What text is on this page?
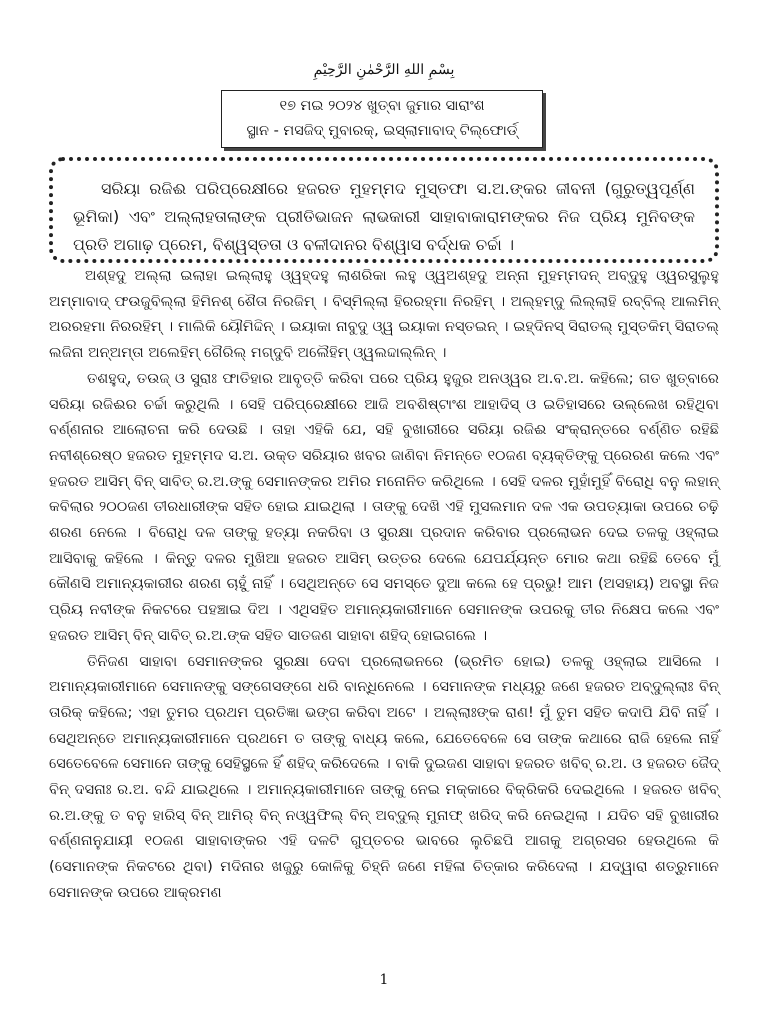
بِسْمِ اللهِ الرَّحْمٰنِ الرَّحِيْمِ
୧୭ ମଇ ୨୦୨୪ ଖୁତ୍‌ବା ଜୁମାର ସାରାଂଶ
ସ୍ଥାନ - ମସଜିଦ୍ ମୁବାରକ୍, ଇସ୍‌ଲାମାବାଦ୍ ଟିଲ୍‌ଫୋର୍ଡ୍
ସରିୟା ରଜିଈ ପରିପ୍ରେକ୍ଷୀରେ ହଜରତ ମୁହମ୍ମଦ ମୁସ୍ତଫା ସ.ଅ.ଙ୍କର ଜୀବନୀ (ଗୁରୁତ୍ୱପୂର୍ଣ୍ଣ ଭୂମିକା) ଏବଂ ଅଲ୍ଲାହତାଲାଙ୍କ ପ୍ରୀତିଭାଜନ ଲାଭକାରୀ ସାହାବାକାରାମଙ୍କର ନିଜ ପ୍ରିୟ ମୁନିବଙ୍କ ପ୍ରତି ଅଗାଢ଼ ପ୍ରେମ, ବିଶ୍ୱସ୍ତତା ଓ ବଳୀଦାନର ବିଶ୍ୱାସ ବର୍ଦ୍ଧକ ଚର୍ଚ୍ଚା ।

ଅଶ୍‌ହଦୁ ଅଲ୍ଲା ଇଲାହା ଇଲ୍ଲାହୁ ଓ୍ୱହ୍‌ଦହୁ ଲାଶରିକା ଲହୁ ଓ୍ୱଅଶ୍‌ହଦୁ ଅନ୍ନା ମୁହମ୍ମଦନ୍ ଅବ୍‌ଦୁହୁ ଓ୍ୱରସୁଲୁହୁ ଅମ୍ମାବାଦ୍ ଫଉଜୁବିଲ୍ଲା ହିମିନଶ୍ ଶୈତା ନିରଜିମ୍ । ବିସ୍‌ମିଲ୍ଲା ହିରରହ୍‌ମା ନିରହିମ୍ । ଅଲ୍‌ହମ୍‌ଦୁ ଲିଲ୍ଲାହି ରବ୍ବିଲ୍ ଆଲମିନ୍ ଅରରହମା ନିରରହିମ୍ । ମାଲିକି ୟୌମିଦ୍ଦିନ୍ । ଇୟାକା ନାବୁଦୁ ଓ୍ୱ ଇୟାକା ନସ୍ତଇନ୍ । ଇହ୍‌ଦିନସ୍ ସିରାତଲ୍ ମୁସ୍ତକିମ୍ ସିରାତଲ୍ ଲଜିନା ଅନ୍‌ଅମ୍‌ତା ଅଲେହିମ୍ ଗୈରିଲ୍ ମଗ୍‌ଦୁବି ଅଲୈହିମ୍ ଓ୍ୱଲଦ୍ଦାଲ୍ଲିନ୍ ।

ତଶହୁଦ୍, ତଉଜ୍ ଓ ସୁରାଃ ଫାତିହାର ଆବୃତ୍ତି କରିବା ପରେ ପ୍ରିୟ ହୁଜୁର ଅନଓ୍ୱର ଅ.ବ.ଅ. କହିଲେ; ଗତ ଖୁତ୍‌ବାରେ ସରିୟା ରଜିଈର ଚର୍ଚ୍ଚା କରୁଥିଲି । ସେହି ପରିପ୍ରେକ୍ଷୀରେ ଆଜି ଅବଶିଷ୍ଟାଂଶ ଆହାଦିସ୍ ଓ ଇତିହାସରେ ଉଲ୍ଲେଖ ରହିଥିବା ବର୍ଣ୍ଣନାର ଆଲୋଚନା କରି ଦେଉଛି । ତାହା ଏହିକି ଯେ, ସହି ବୁଖାରୀରେ ସରିୟା ରଜିଈ ସଂକ୍ରାନ୍ତରେ ବର୍ଣ୍ଣିତ ରହିଛି ନବୀଶ୍ରେଷ୍ଠ ହଜରତ ମୁହମ୍ମଦ ସ.ଅ. ଉକ୍ତ ସରିୟାର ଖବର ଜାଣିବା ନିମନ୍ତେ ୧୦ଜଣ ବ୍ୟକ୍ତିଙ୍କୁ ପ୍ରେରଣ କଲେ ଏବଂ ହଜରତ ଆସିମ୍ ବିନ୍ ସାବିତ୍ ର.ଅ.ଙ୍କୁ ସେମାନଙ୍କର ଅମିର ମନୋନିତ କରିଥିଲେ । ସେହି ଦଳର ମୁହାଁମୁହିଁ ବିରୋଧି ବନୁ ଲହାନ୍ କବିଲାର ୨୦୦ଜଣ ତୀରଧାରୀଙ୍କ ସହିତ ହୋଇ ଯାଇଥିଲା । ତାଙ୍କୁ ଦେଖି ଏହି ମୁସଲମାନ ଦଳ ଏକ ଉପତ୍ୟାକା ଉପରେ ଚଢ଼ି ଶରଣ ନେଲେ । ବିରୋଧି ଦଳ ତାଙ୍କୁ ହତ୍ୟା ନକରିବା ଓ ସୁରକ୍ଷା ପ୍ରଦାନ କରିବାର ପ୍ରଲୋଭନ ଦେଇ ତଳକୁ ଓହ୍ଲାଇ ଆସିବାକୁ କହିଲେ । କିନ୍ତୁ ଦଳର ମୁଖିଆ ହଜରତ ଆସିମ୍ ଉତ୍ତର ଦେଲେ ଯେପର୍ଯ୍ୟନ୍ତ ମୋର କଥା ରହିଛି ତେବେ ମୁଁ କୌଣସି ଅମାନ୍ୟକାରୀର ଶରଣ ଚାହୁଁ ନାହିଁ । ସେଥିଅନ୍ତେ ସେ ସମସ୍ତେ ଦୁଆ କଲେ ହେ ପ୍ରଭୁ! ଆମ (ଅସହାୟ) ଅବସ୍ଥା ନିଜ ପ୍ରିୟ ନବୀଙ୍କ ନିକଟରେ ପହଞ୍ଚାଇ ଦିଅ । ଏଥିସହିତ ଅମାନ୍ୟକାରୀମାନେ ସେମାନଙ୍କ ଉପରକୁ ତୀର ନିକ୍ଷେପ କଲେ ଏବଂ ହଜରତ ଆସିମ୍ ବିନ୍ ସାବିତ୍ ର.ଅ.ଙ୍କ ସହିତ ସାତଜଣ ସାହାବା ଶହିଦ୍ ହୋଇଗଲେ ।

ତିନିଜଣ ସାହାବା ସେମାନଙ୍କର ସୁରକ୍ଷା ଦେବା ପ୍ରଲୋଭନରେ (ଭ୍ରମିତ ହୋଇ) ତଳକୁ ଓହ୍ଲାଇ ଆସିଲେ । ଅମାନ୍ୟକାରୀମାନେ ସେମାନଙ୍କୁ ସଙ୍ଗେସଙ୍ଗେ ଧରି ବାନ୍ଧିନେଲେ । ସେମାନଙ୍କ ମଧ୍ୟରୁ ଜଣେ ହଜରତ ଅବ୍‌ଦୁଲ୍ଲାଃ ବିନ୍ ତାରିକ୍ କହିଲେ; ଏହା ତୁମର ପ୍ରଥମ ପ୍ରତିଜ୍ଞା ଭଙ୍ଗ କରିବା ଅଟେ । ଅଲ୍ଲାଃଙ୍କ ରାଣ! ମୁଁ ତୁମ ସହିତ କଦାପି ଯିବି ନାହିଁ । ସେଥିଅନ୍ତେ ଅମାନ୍ୟକାରୀମାନେ ପ୍ରଥମେ ତ ତାଙ୍କୁ ବାଧ୍ୟ କଲେ, ଯେତେବେଳେ ସେ ତାଙ୍କ କଥାରେ ରାଜି ହେଲେ ନାହିଁ ସେତେବେଳେ ସେମାନେ ତାଙ୍କୁ ସେହିସ୍ଥଳେ ହିଁ ଶହିଦ୍ କରିଦେଲେ । ବାକି ଦୁଇଜଣ ସାହାବା ହଜରତ ଖବିବ୍ ର.ଅ. ଓ ହଜରତ ଜୈଦ୍ ବିନ୍ ଦସନାଃ ର.ଅ. ବନ୍ଦି ଯାଇଥିଲେ । ଅମାନ୍ୟକାରୀମାନେ ତାଙ୍କୁ ନେଇ ମକ୍କାରେ ବିକ୍ରିକରି ଦେଇଥିଲେ । ହଜରତ ଖବିବ୍ ର.ଅ.ଙ୍କୁ ତ ବନୁ ହାରିସ୍ ବିନ୍ ଆମିର୍ ବିନ୍ ନଓ୍ୱଫିଲ୍ ବିନ୍ ଅବ୍‌ଦୁଲ୍ ମୁନାଫ୍ ଖରିଦ୍ କରି ନେଇଥିଲା । ଯଦିଚ ସହି ବୁଖାରୀର ବର୍ଣ୍ଣନାନୁଯାୟୀ ୧୦ଜଣ ସାହାବାଙ୍କର ଏହି ଦଳଟି ଗୁପ୍ତଚର ଭାବରେ ଲୁଚିଛପି ଆଗକୁ ଅଗ୍ରସର ହେଉଥିଲେ କି (ସେମାନଙ୍କ ନିକଟରେ ଥିବା) ମଦିନାର ଖଜୁରୁ କୋଳିକୁ ଚିହ୍ନି ଜଣେ ମହିଳା ଚିତ୍କାର କରିଦେଲା । ଯଦ୍ୱାରା ଶତ୍ରୁମାନେ ସେମାନଙ୍କ ଉପରେ ଆକ୍ରମଣ

1
